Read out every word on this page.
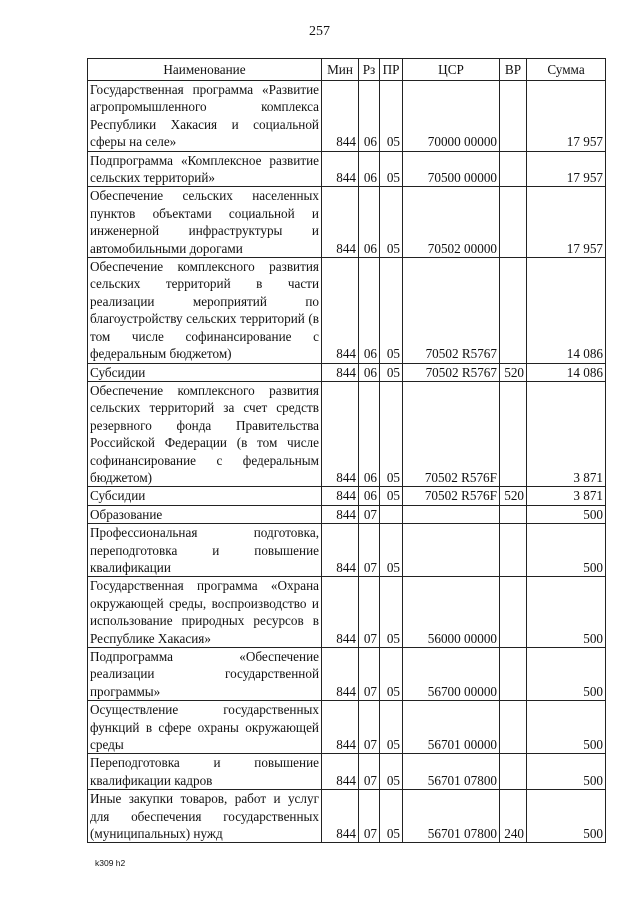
257
Наименование	Мин	Рз	ПР	ЦСР	ВР	Сумма
Государственная программа «Развитие агропромышленного комплекса Республики Хакасия и социальной сферы на селе»	844	06	05	70000 00000		17 957
Подпрограмма «Комплексное развитие сельских территорий»	844	06	05	70500 00000		17 957
Обеспечение сельских населенных пунктов объектами социальной и инженерной инфраструктуры и автомобильными дорогами	844	06	05	70502 00000		17 957
Обеспечение комплексного развития сельских территорий в части реализации мероприятий по благоустройству сельских территорий (в том числе софинансирование с федеральным бюджетом)	844	06	05	70502 R5767		14 086
Субсидии	844	06	05	70502 R5767	520	14 086
Обеспечение комплексного развития сельских территорий за счет средств резервного фонда Правительства Российской Федерации (в том числе софинансирование с федеральным бюджетом)	844	06	05	70502 R576F		3 871
Субсидии	844	06	05	70502 R576F	520	3 871
Образование	844	07				500
Профессиональная подготовка, переподготовка и повышение квалификации	844	07	05			500
Государственная программа «Охрана окружающей среды, воспроизводство и использование природных ресурсов в Республике Хакасия»	844	07	05	56000 00000		500
Подпрограмма «Обеспечение реализации государственной программы»	844	07	05	56700 00000		500
Осуществление государственных функций в сфере охраны окружающей среды	844	07	05	56701 00000		500
Переподготовка и повышение квалификации кадров	844	07	05	56701 07800		500
Иные закупки товаров, работ и услуг для обеспечения государственных (муниципальных) нужд	844	07	05	56701 07800	240	500
k309 h2
